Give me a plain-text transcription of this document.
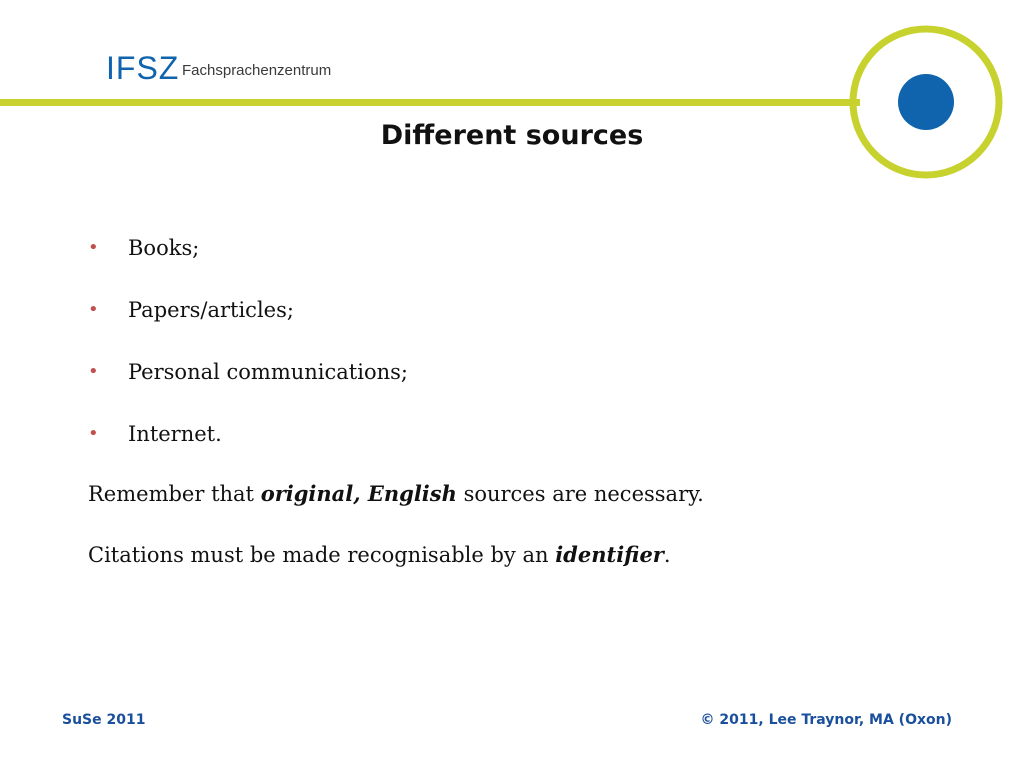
IFSZ Fachsprachenzentrum
Different sources
• Books;
• Papers/articles;
• Personal communications;
• Internet.
Remember that original, English sources are necessary.
Citations must be made recognisable by an identifier.
SuSe 2011	© 2011, Lee Traynor, MA (Oxon)
